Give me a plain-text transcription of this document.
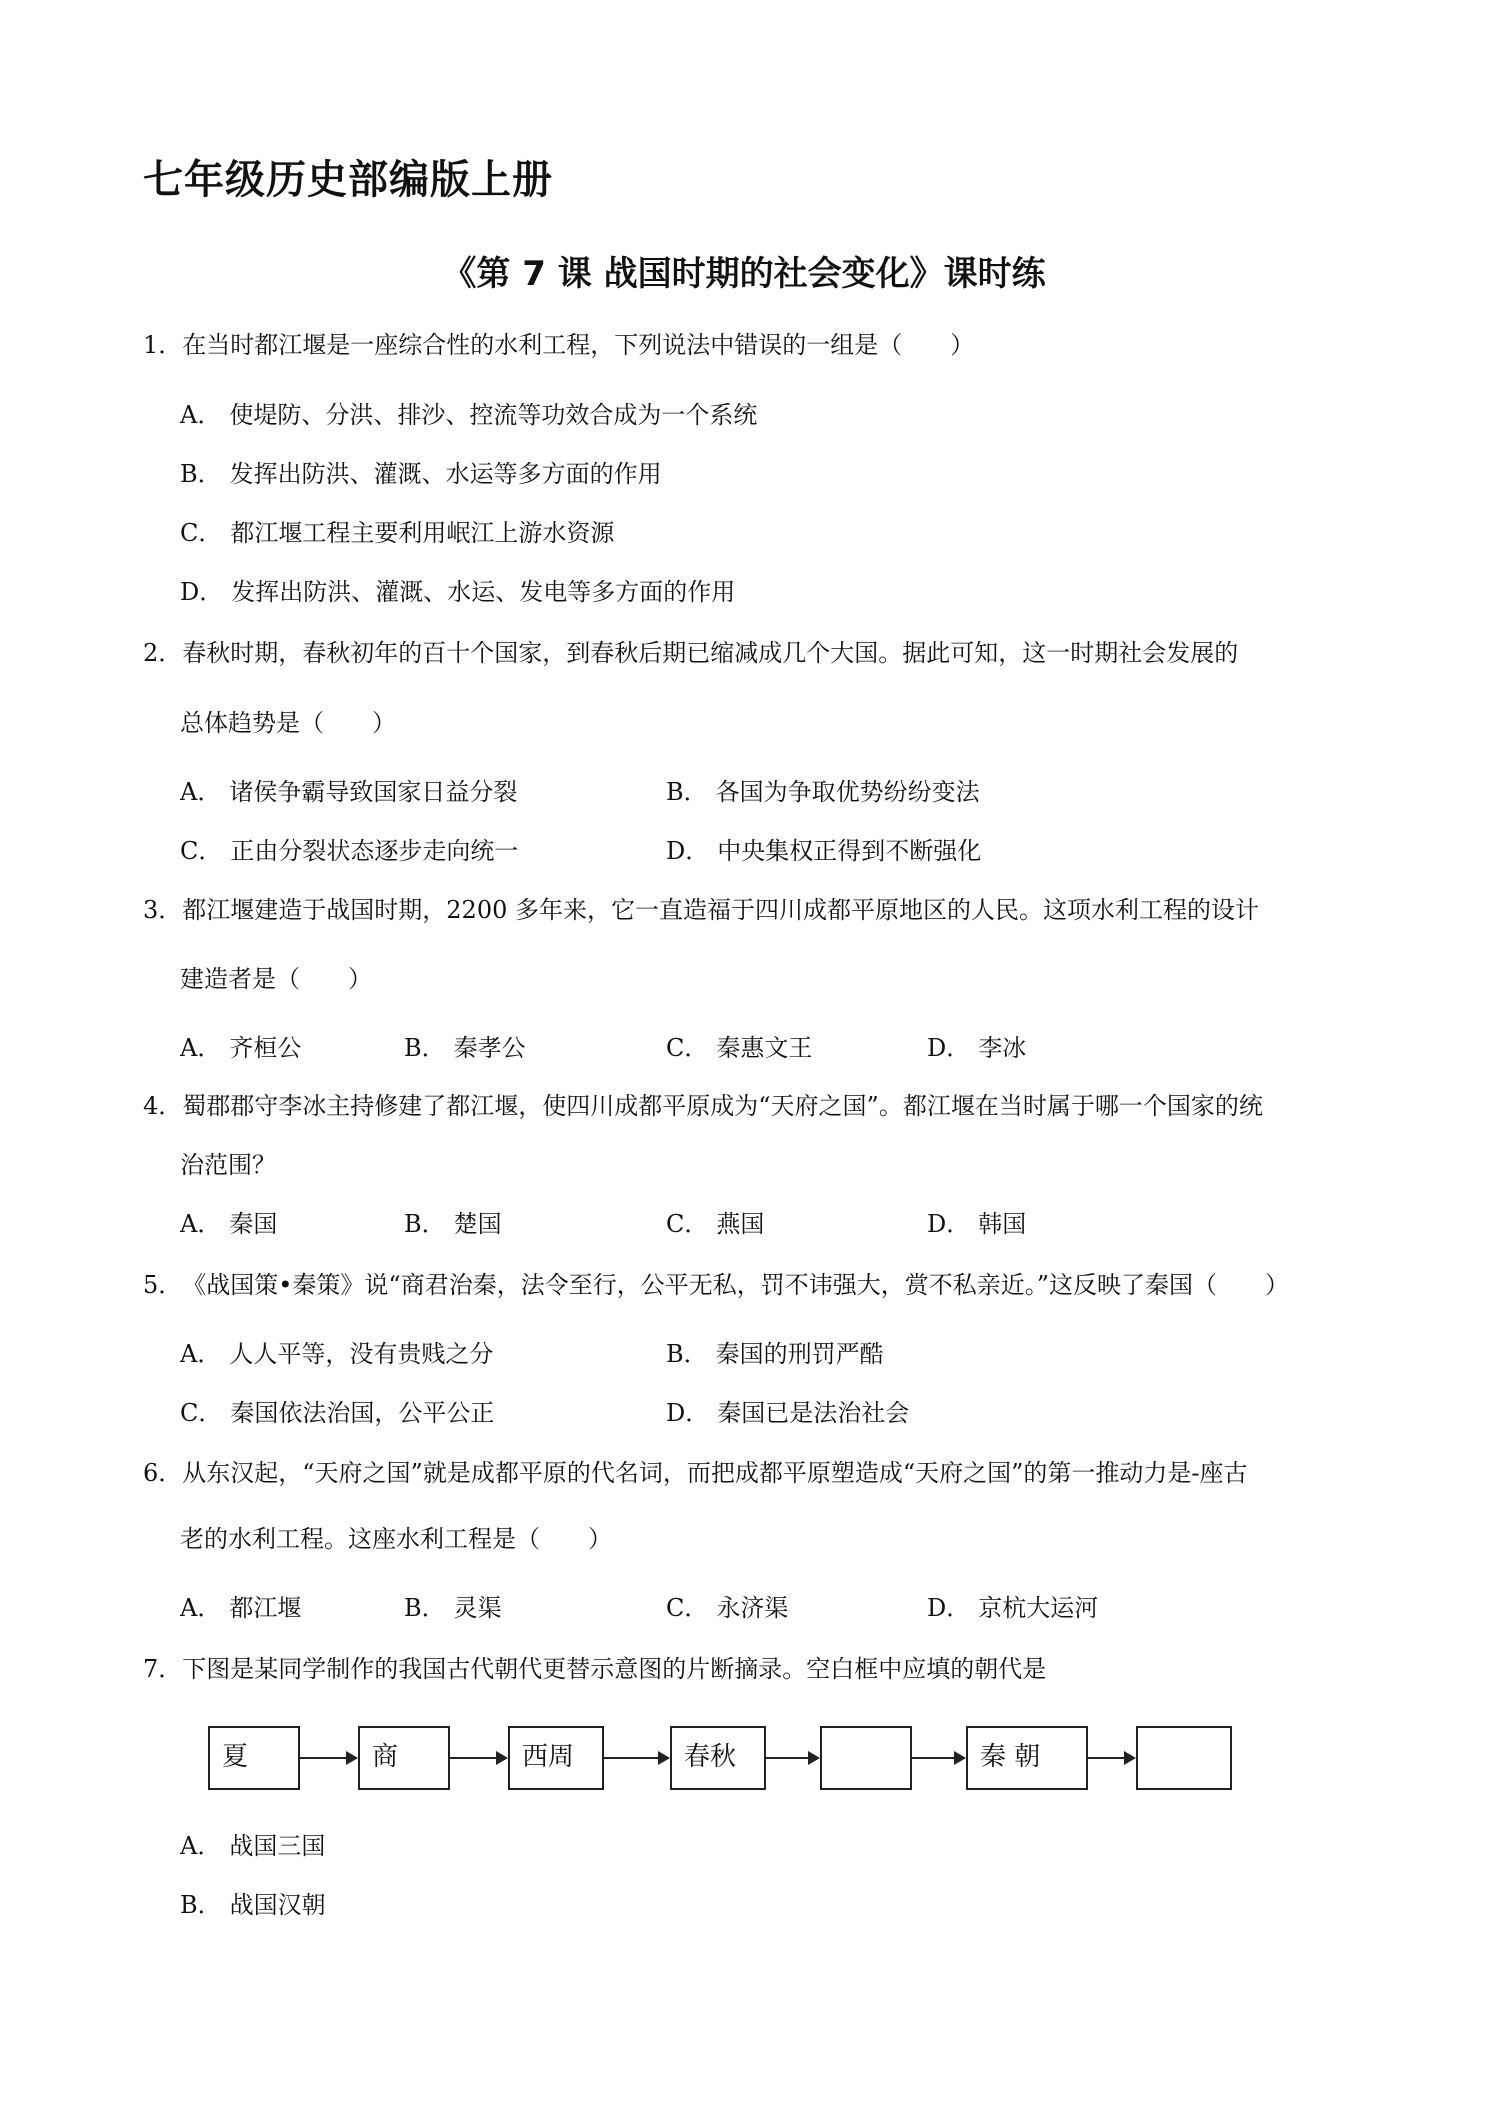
七年级历史部编版上册
《第 7 课 战国时期的社会变化》课时练
1．在当时都江堰是一座综合性的水利工程，下列说法中错误的一组是（　　）
A． 使堤防、分洪、排沙、控流等功效合成为一个系统
B． 发挥出防洪、灌溉、水运等多方面的作用
C． 都江堰工程主要利用岷江上游水资源
D． 发挥出防洪、灌溉、水运、发电等多方面的作用
2．春秋时期，春秋初年的百十个国家，到春秋后期已缩减成几个大国。据此可知，这一时期社会发展的
总体趋势是（　　）
A． 诸侯争霸导致国家日益分裂	B． 各国为争取优势纷纷变法
C． 正由分裂状态逐步走向统一	D． 中央集权正得到不断强化
3．都江堰建造于战国时期，2200 多年来，它一直造福于四川成都平原地区的人民。这项水利工程的设计
建造者是（　　）
A． 齐桓公	B． 秦孝公	C． 秦惠文王	D． 李冰
4．蜀郡郡守李冰主持修建了都江堰，使四川成都平原成为“天府之国”。都江堰在当时属于哪一个国家的统
治范围？
A． 秦国	B． 楚国	C． 燕国	D． 韩国
5．《战国策•秦策》说“商君治秦，法令至行，公平无私，罚不讳强大，赏不私亲近。”这反映了秦国（　　）
A． 人人平等，没有贵贱之分	B． 秦国的刑罚严酷
C． 秦国依法治国，公平公正	D． 秦国已是法治社会
6．从东汉起，“天府之国”就是成都平原的代名词，而把成都平原塑造成“天府之国”的第一推动力是-座古
老的水利工程。这座水利工程是（　　）
A． 都江堰	B． 灵渠	C． 永济渠	D． 京杭大运河
7．下图是某同学制作的我国古代朝代更替示意图的片断摘录。空白框中应填的朝代是
夏	商	西周	春秋	秦 朝
A． 战国三国
B． 战国汉朝
